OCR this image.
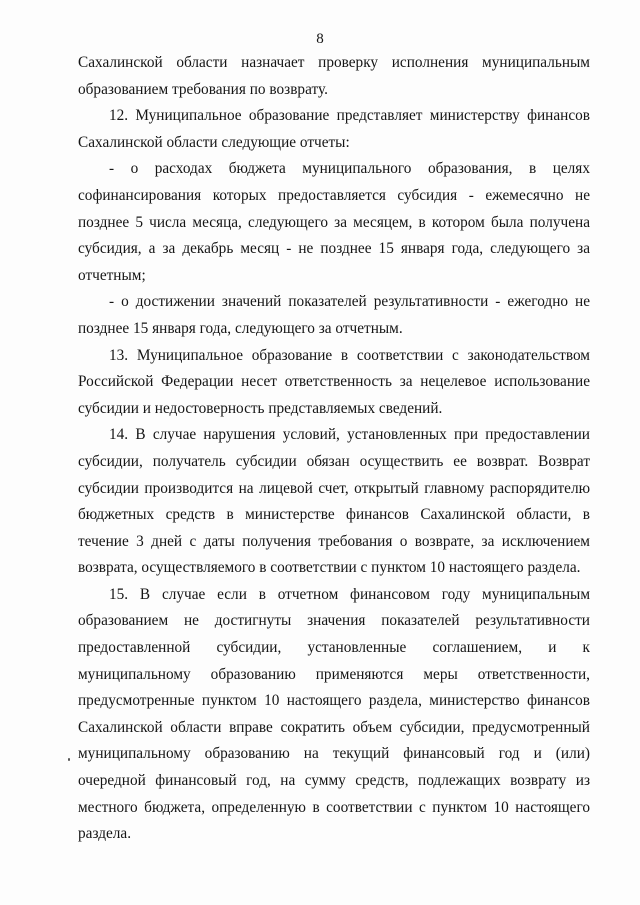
8

Сахалинской области назначает проверку исполнения муниципальным образованием требования по возврату.

12. Муниципальное образование представляет министерству финансов Сахалинской области следующие отчеты:

- о расходах бюджета муниципального образования, в целях софинансирования которых предоставляется субсидия - ежемесячно не позднее 5 числа месяца, следующего за месяцем, в котором была получена субсидия, а за декабрь месяц - не позднее 15 января года, следующего за отчетным;

- о достижении значений показателей результативности - ежегодно не позднее 15 января года, следующего за отчетным.

13. Муниципальное образование в соответствии с законодательством Российской Федерации несет ответственность за нецелевое использование субсидии и недостоверность представляемых сведений.

14. В случае нарушения условий, установленных при предоставлении субсидии, получатель субсидии обязан осуществить ее возврат. Возврат субсидии производится на лицевой счет, открытый главному распорядителю бюджетных средств в министерстве финансов Сахалинской области, в течение 3 дней с даты получения требования о возврате, за исключением возврата, осуществляемого в соответствии с пунктом 10 настоящего раздела.

15. В случае если в отчетном финансовом году муниципальным образованием не достигнуты значения показателей результативности предоставленной субсидии, установленные соглашением, и к муниципальному образованию применяются меры ответственности, предусмотренные пунктом 10 настоящего раздела, министерство финансов Сахалинской области вправе сократить объем субсидии, предусмотренный муниципальному образованию на текущий финансовый год и (или) очередной финансовый год, на сумму средств, подлежащих возврату из местного бюджета, определенную в соответствии с пунктом 10 настоящего раздела.
